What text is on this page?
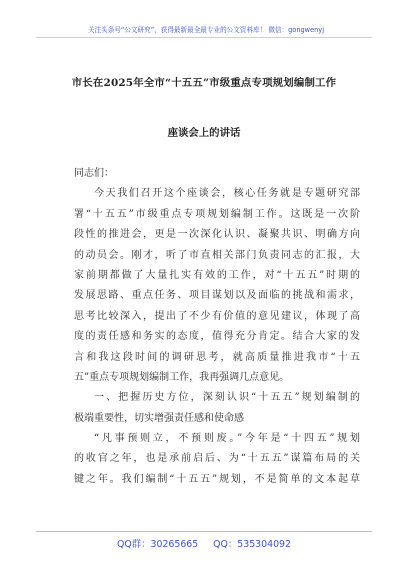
关注头条号“公文研究”，获得最新最全最专业的公文资料库！ 微信：gongwenyj
市长在2025年全市“十五五”市级重点专项规划编制工作
座谈会上的讲话
同志们：
今天我们召开这个座谈会，核心任务就是专题研究部
署“十五五”市级重点专项规划编制工作。这既是一次阶
段性的推进会，更是一次深化认识、凝聚共识、明确方向
的动员会。刚才，听了市直相关部门负责同志的汇报，大
家前期都做了大量扎实有效的工作，对“十五五”时期的
发展思路、重点任务、项目谋划以及面临的挑战和需求，
思考比较深入，提出了不少有价值的意见建议，体现了高
度的责任感和务实的态度，值得充分肯定。结合大家的发
言和我这段时间的调研思考，就高质量推进我市“十五
五”重点专项规划编制工作，我再强调几点意见。
一、把握历史方位，深刻认识“十五五”规划编制的
极端重要性，切实增强责任感和使命感
“凡事预则立，不预则废。”今年是“十四五”规划
的收官之年，也是承前启后、为“十五五”谋篇布局的关
键之年。我们编制“十五五”规划，不是简单的文本起草
QQ群：30265665 QQ：535304092
